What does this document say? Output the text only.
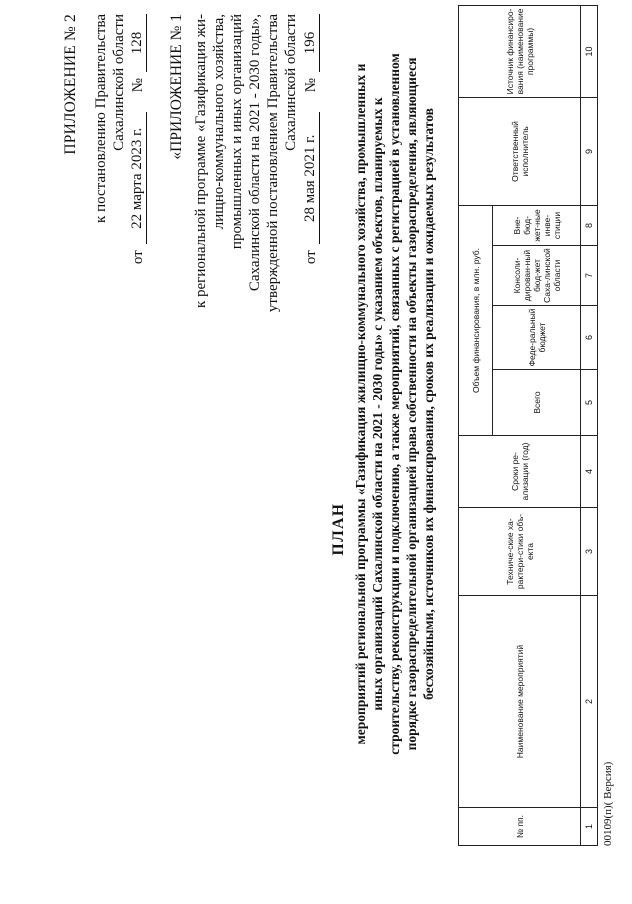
ПРИЛОЖЕНИЕ № 2 к постановлению Правительства Сахалинской области
от
22 марта 2023 г.
№
128 «ПРИЛОЖЕНИЕ № 1 к региональной программе «Газификация жи- лищно-коммунального хозяйства, промышленных и иных организаций Сахалинской области на 2021 - 2030 годы», утвержденной постановлением Правительства Сахалинской области
от
28 мая 2021 г.
№
196
ПЛАН мероприятий региональной программы «Газификация жилищно-коммунального хозяйства, промышленных и иных организаций Сахалинской области на 2021 - 2030 годы» с указанием объектов, планируемых к строительству, реконструкции и подключению, а также мероприятий, связанных с регистрацией в установленном порядке газораспределительной организацией права собственности на объекты газораспределения, являющиеся бесхозяйными, источников их финансирования, сроков их реализации и ожидаемых результатов
№ пп.	Наименование мероприятий	Техниче-ские ха-рактери-стики объ-екта	Сроки ре-ализации (год)	Объем финансирования, в млн. руб.				Ответственный исполнитель	Источник финансиро-вания (наименование программы)
				Всего	Феде-ральный бюджет	Консоли-дирован-ный бюд-жет Саха-линской области	Вне-бюд-жет-ные инве-стиции		
1	2	3	4	5	6	7	8	9	10
00109(п)( Версия)
